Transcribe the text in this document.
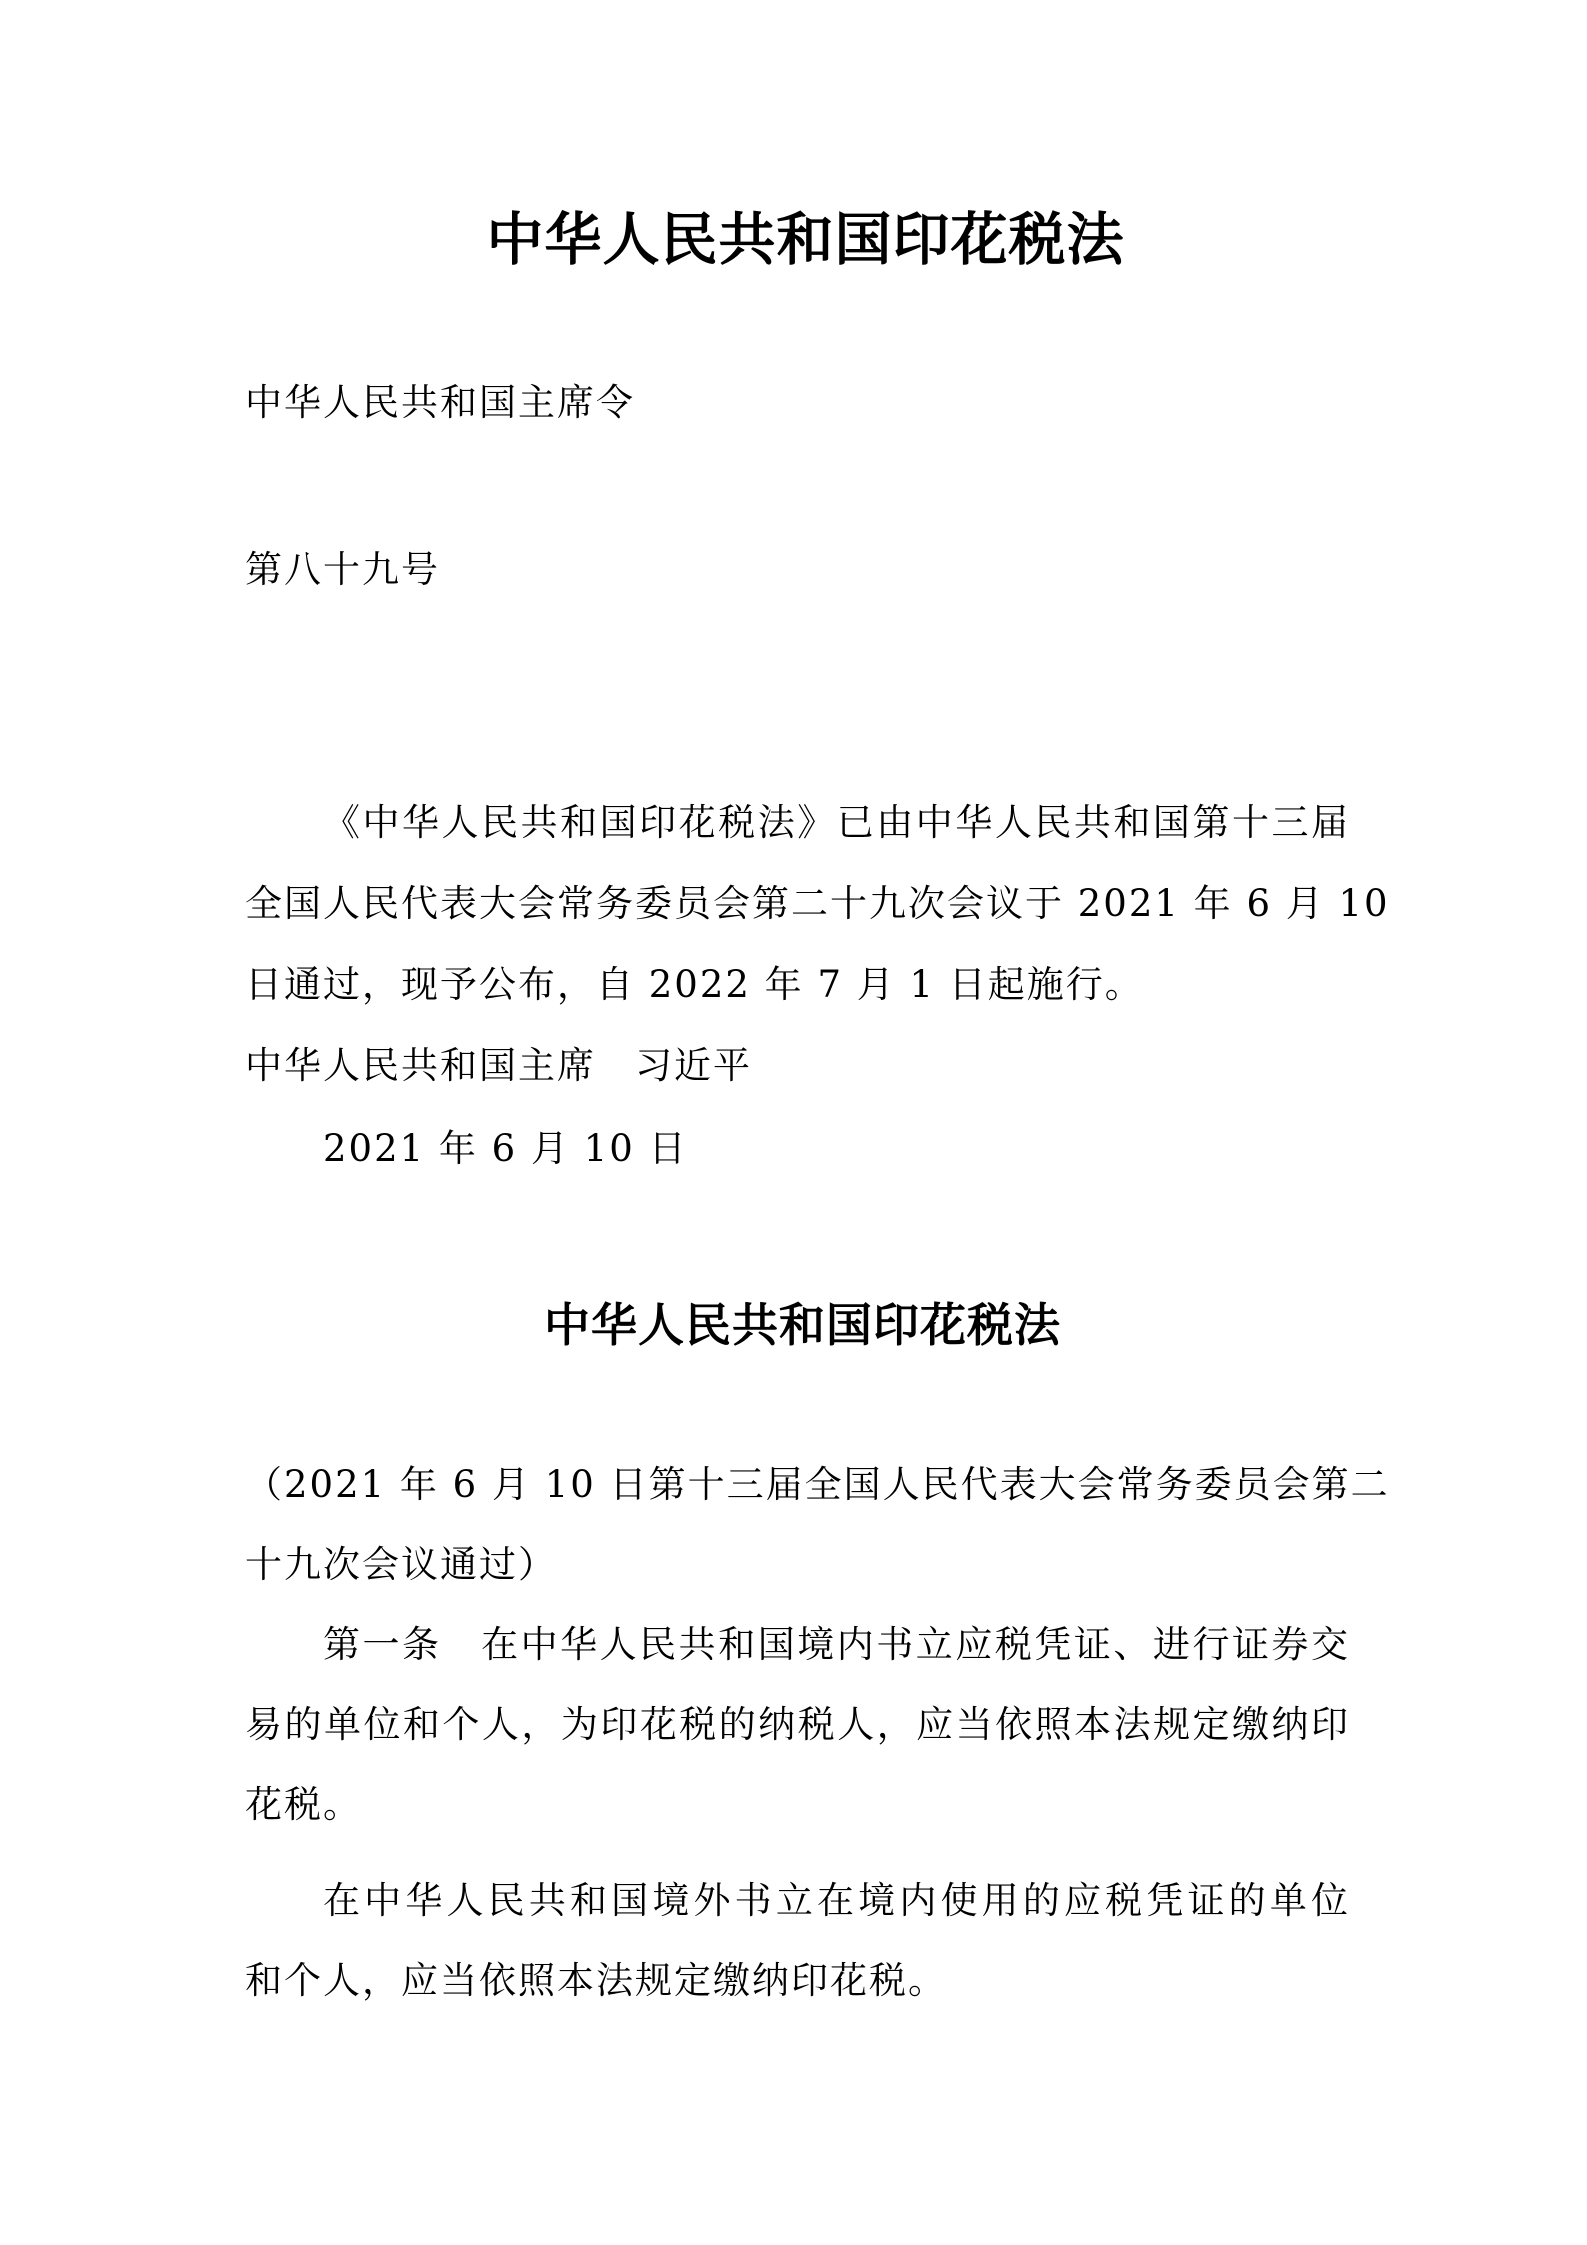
中华人民共和国印花税法
中华人民共和国主席令
第八十九号
《中华人民共和国印花税法》已由中华人民共和国第十三届
全国人民代表大会常务委员会第二十九次会议于 2021 年 6 月 10
日通过，现予公布，自 2022 年 7 月 1 日起施行。
中华人民共和国主席　习近平
2021 年 6 月 10 日
中华人民共和国印花税法
（2021 年 6 月 10 日第十三届全国人民代表大会常务委员会第二
十九次会议通过）
第一条　在中华人民共和国境内书立应税凭证、进行证券交
易的单位和个人，为印花税的纳税人，应当依照本法规定缴纳印
花税。
在中华人民共和国境外书立在境内使用的应税凭证的单位
和个人，应当依照本法规定缴纳印花税。
